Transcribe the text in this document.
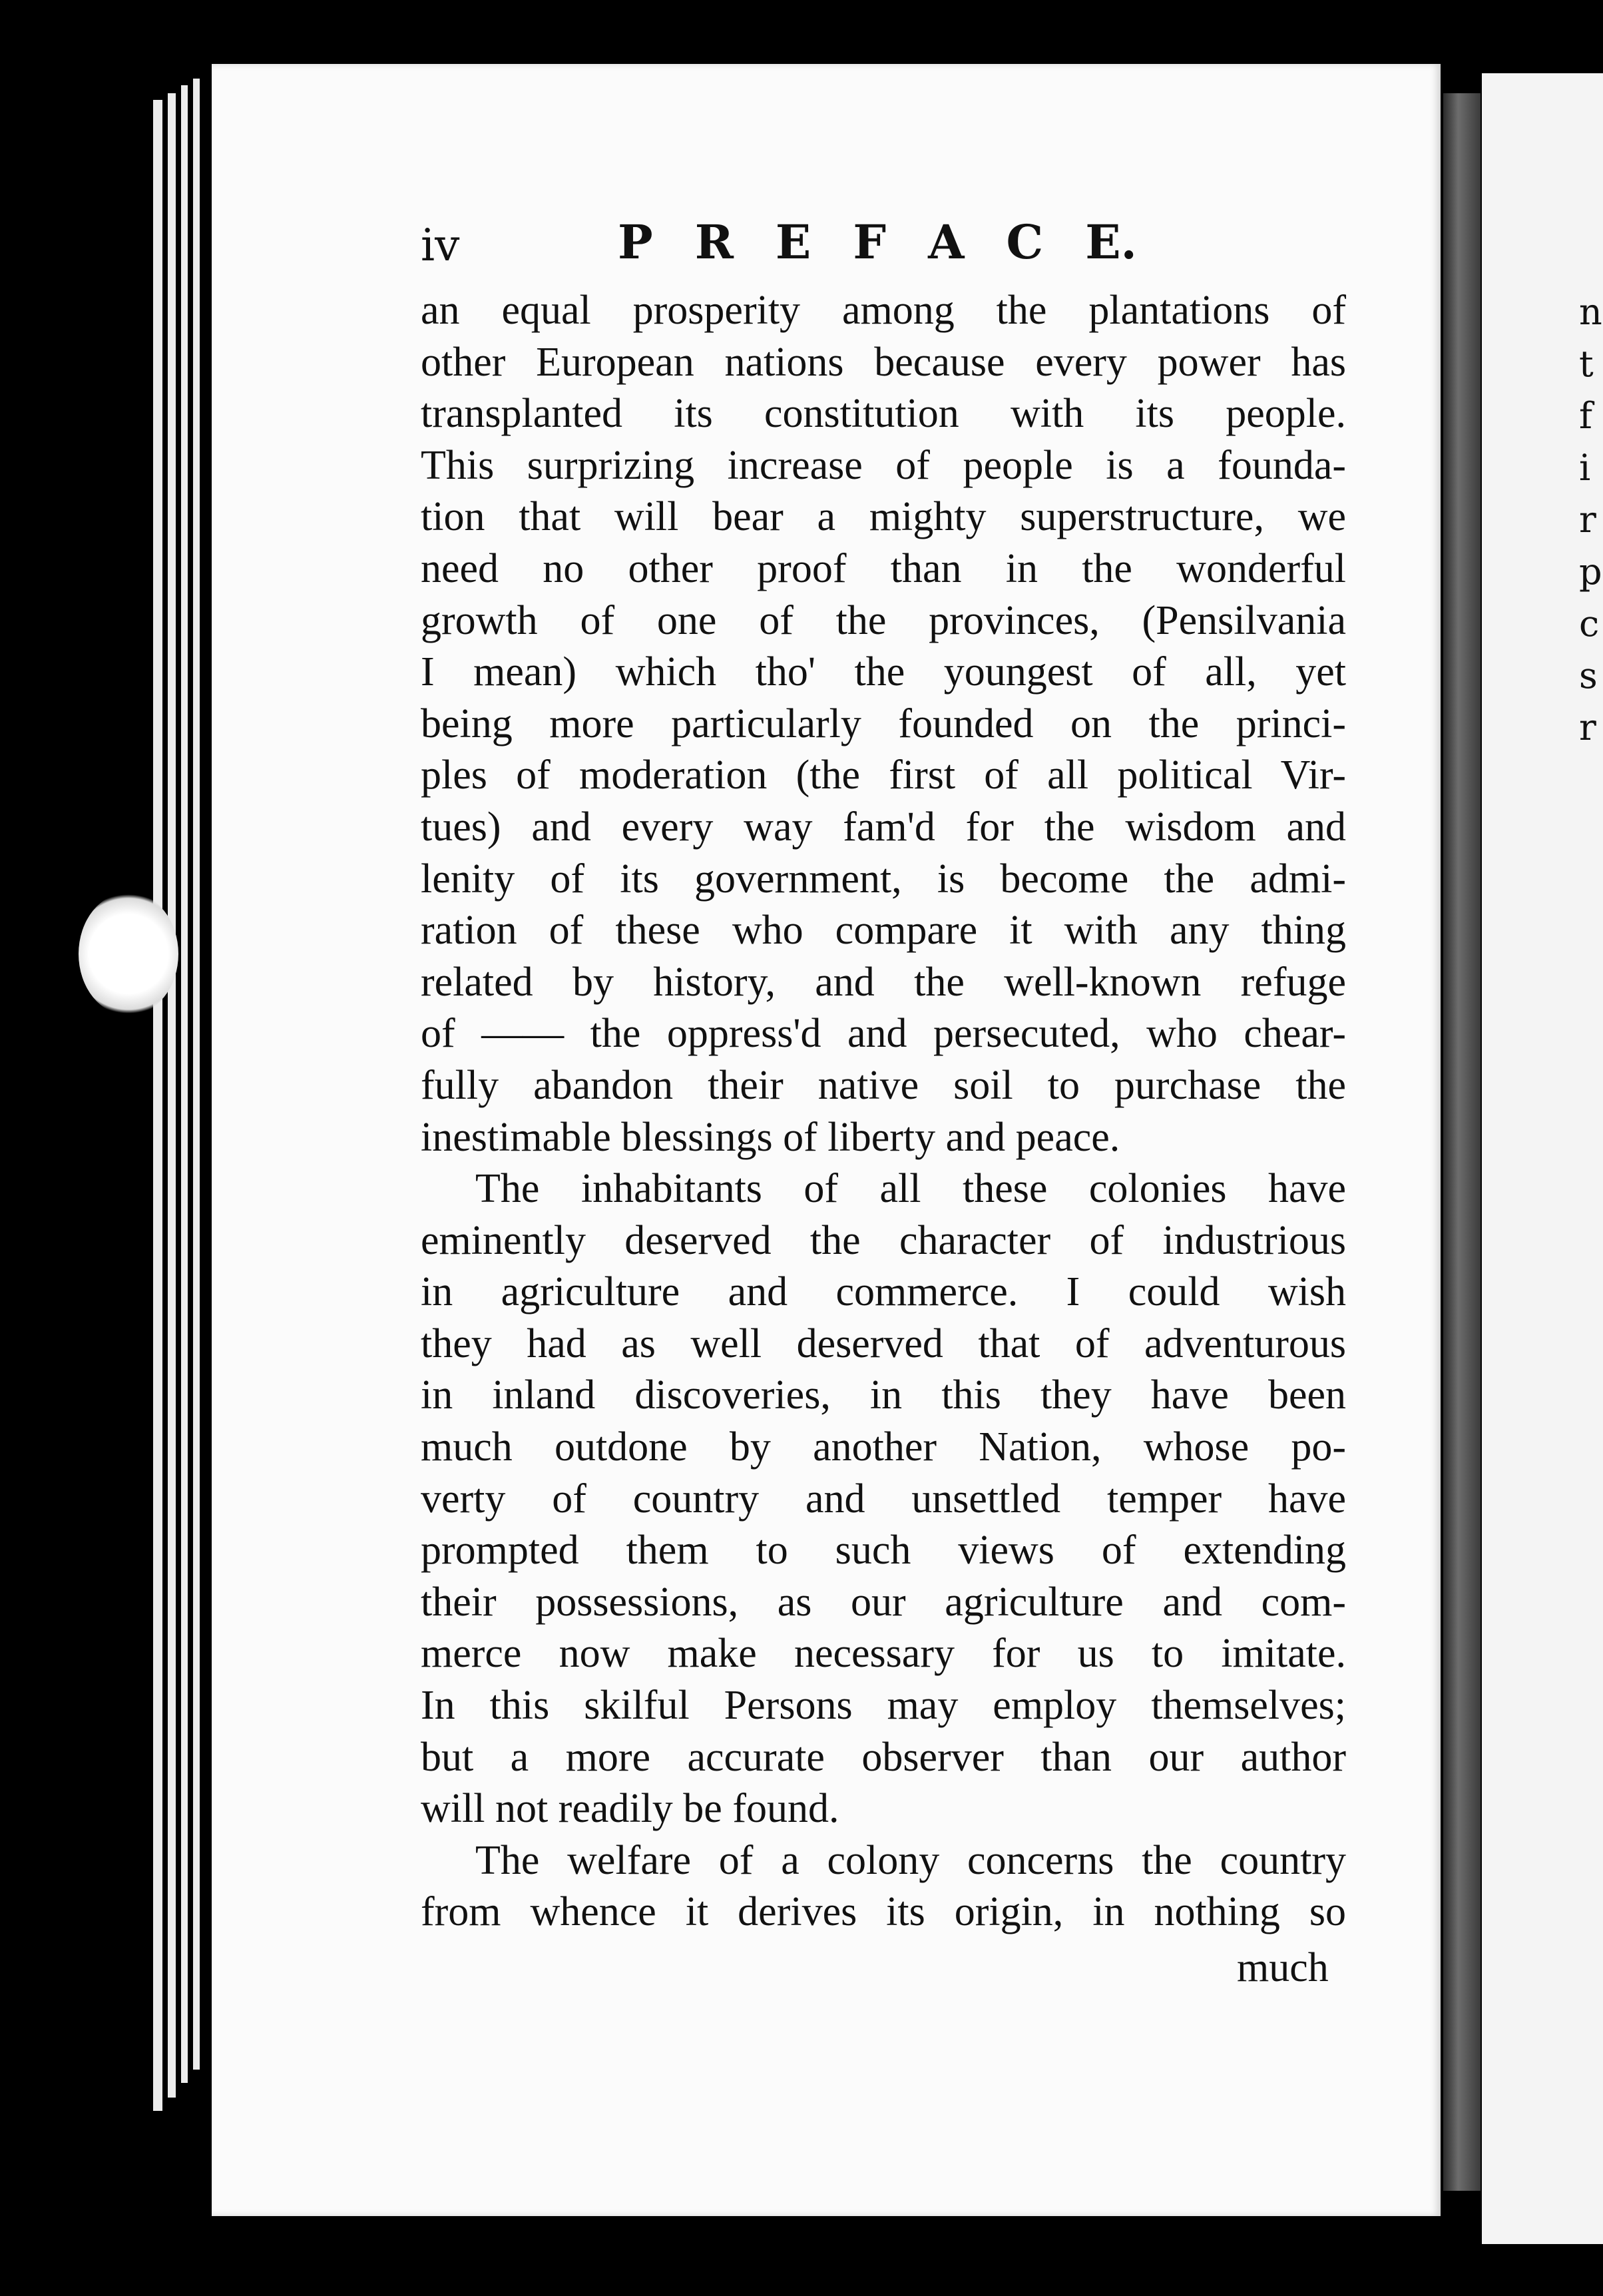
n
t
f
i
r
p
c
s
r
iv	P R E F A C E.
an equal prosperity among the plantations of
other European nations because every power has
transplanted its constitution with its people.
This surprizing increase of people is a founda-
tion that will bear a mighty superstructure, we
need no other proof than in the wonderful
growth of one of the provinces, (Pensilvania
I mean) which tho' the youngest of all, yet
being more particularly founded on the princi-
ples of moderation (the first of all political Vir-
tues) and every way fam'd for the wisdom and
lenity of its government, is become the admi-
ration of these who compare it with any thing
related by history, and the well-known refuge
of —— the oppress'd and persecuted, who chear-
fully abandon their native soil to purchase the
inestimable blessings of liberty and peace.
The inhabitants of all these colonies have
eminently deserved the character of industrious
in agriculture and commerce. I could wish
they had as well deserved that of adventurous
in inland discoveries, in this they have been
much outdone by another Nation, whose po-
verty of country and unsettled temper have
prompted them to such views of extending
their possessions, as our agriculture and com-
merce now make necessary for us to imitate.
In this skilful Persons may employ themselves;
but a more accurate observer than our author
will not readily be found.
The welfare of a colony concerns the country
from whence it derives its origin, in nothing so
much
